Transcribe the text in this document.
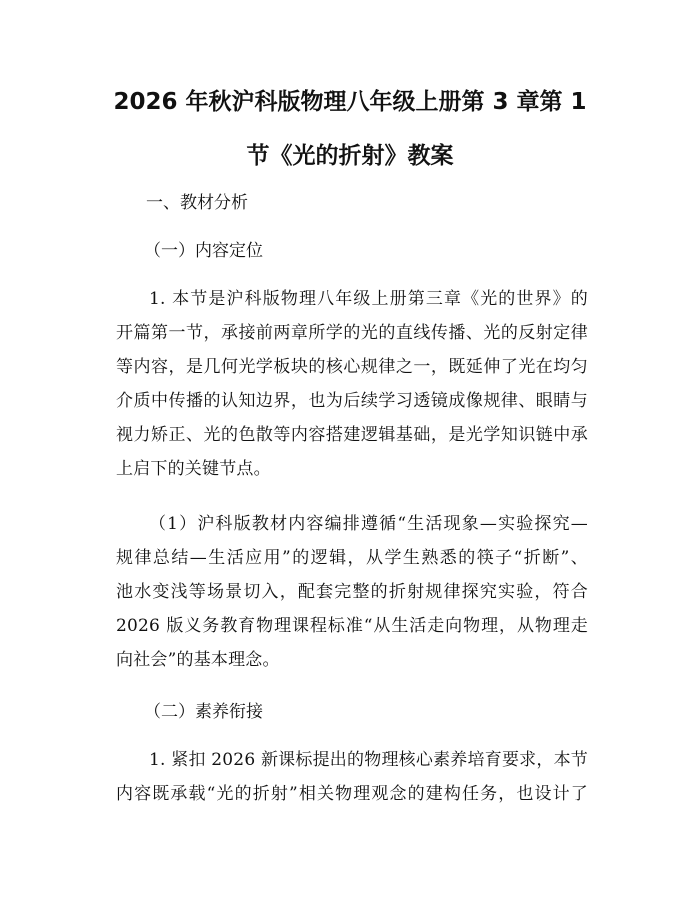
2026 年秋沪科版物理八年级上册第 3 章第 1
节《光的折射》教案
一、教材分析
（一）内容定位
1. 本节是沪科版物理八年级上册第三章《光的世界》的
开篇第一节，承接前两章所学的光的直线传播、光的反射定律
等内容，是几何光学板块的核心规律之一，既延伸了光在均匀
介质中传播的认知边界，也为后续学习透镜成像规律、眼睛与
视力矫正、光的色散等内容搭建逻辑基础，是光学知识链中承
上启下的关键节点。
（1）沪科版教材内容编排遵循“生活现象—实验探究—
规律总结—生活应用”的逻辑，从学生熟悉的筷子“折断”、
池水变浅等场景切入，配套完整的折射规律探究实验，符合
2026 版义务教育物理课程标准“从生活走向物理，从物理走
向社会”的基本理念。
（二）素养衔接
1. 紧扣 2026 新课标提出的物理核心素养培育要求，本节
内容既承载“光的折射”相关物理观念的建构任务，也设计了
